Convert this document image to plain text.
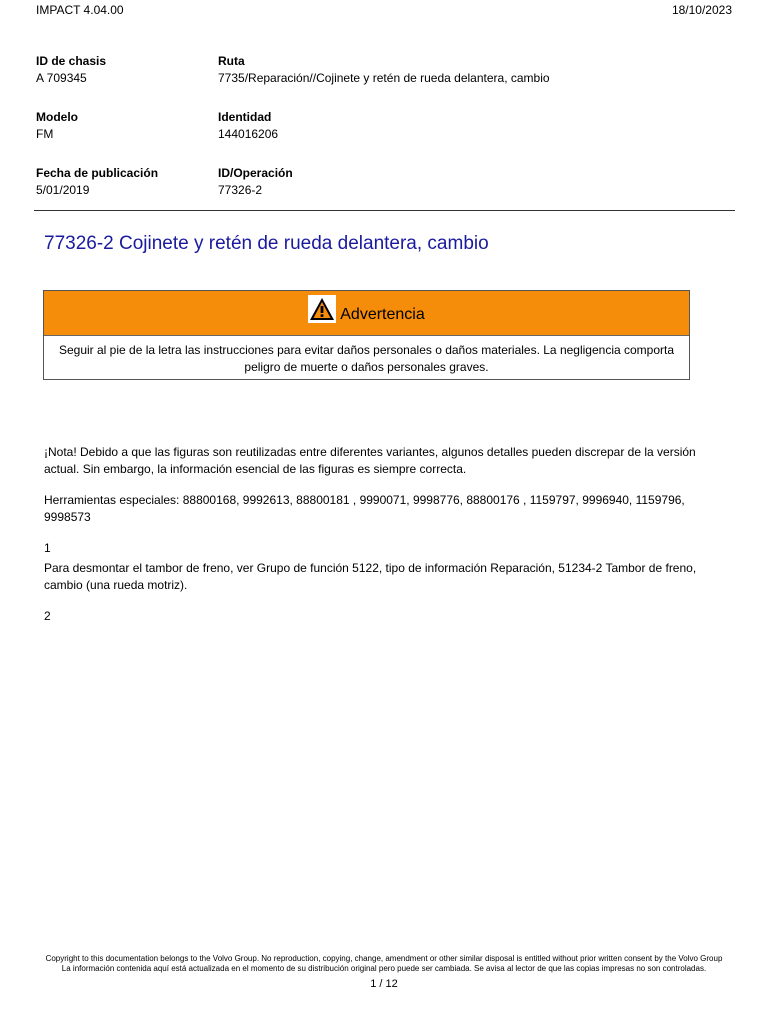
IMPACT 4.04.00	18/10/2023
ID de chasis
A 709345
Ruta
7735/Reparación//Cojinete y retén de rueda delantera, cambio
Modelo
FM
Identidad
144016206
Fecha de publicación
5/01/2019
ID/Operación
77326-2
77326-2 Cojinete y retén de rueda delantera, cambio
Advertencia
Seguir al pie de la letra las instrucciones para evitar daños personales o daños materiales. La negligencia comporta peligro de muerte o daños personales graves.

¡Nota! Debido a que las figuras son reutilizadas entre diferentes variantes, algunos detalles pueden discrepar de la versión actual. Sin embargo, la información esencial de las figuras es siempre correcta.

Herramientas especiales: 88800168, 9992613, 88800181 , 9990071, 9998776, 88800176 , 1159797, 9996940, 1159796, 9998573

1

Para desmontar el tambor de freno, ver Grupo de función 5122, tipo de información Reparación, 51234-2 Tambor de freno, cambio (una rueda motriz).

2

Copyright to this documentation belongs to the Volvo Group. No reproduction, copying, change, amendment or other similar disposal is entitled without prior written consent by the Volvo Group
La información contenida aquí está actualizada en el momento de su distribución original pero puede ser cambiada. Se avisa al lector de que las copias impresas no son controladas.
1 / 12
